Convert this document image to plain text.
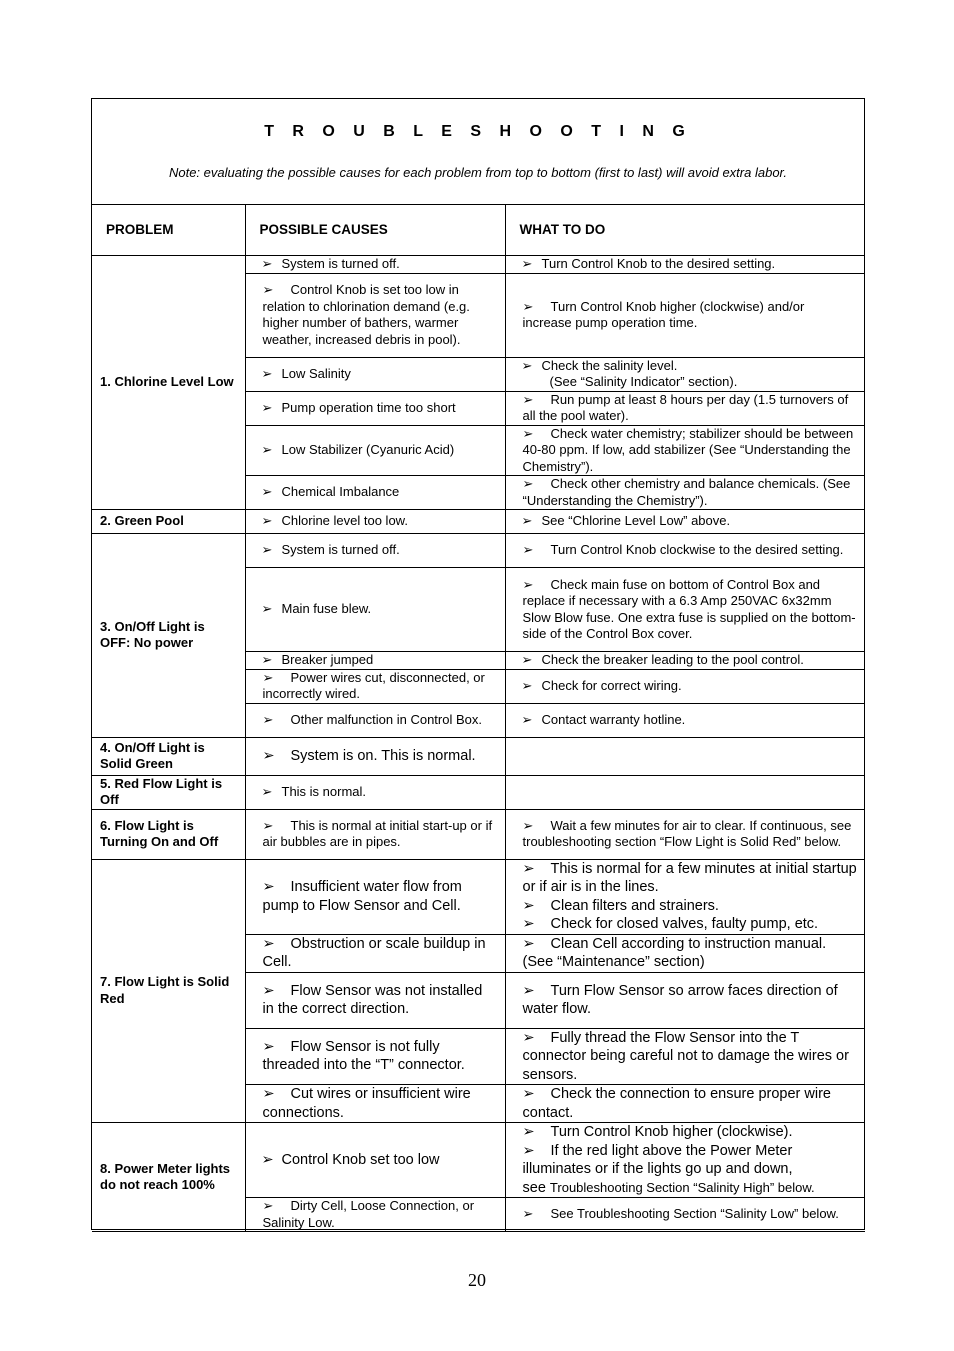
T R O U B L E S H O O T I N G
Note: evaluating the possible causes for each problem from top to bottom (first to last) will avoid extra labor.
PROBLEM	POSSIBLE CAUSES	WHAT TO DO
1. Chlorine Level Low	➢ System is turned off.	➢ Turn Control Knob to the desired setting.
	➢ Control Knob is set too low in relation to chlorination demand (e.g. higher number of bathers, warmer weather, increased debris in pool).	➢ Turn Control Knob higher (clockwise) and/or increase pump operation time.
	➢ Low Salinity	➢ Check the salinity level.
(See “Salinity Indicator” section).

	➢ Pump operation time too short	➢ Run pump at least 8 hours per day (1.5 turnovers of all the pool water).
	➢ Low Stabilizer (Cyanuric Acid)	➢ Check water chemistry; stabilizer should be between 40-80 ppm. If low, add stabilizer (See “Understanding the Chemistry”).
	➢ Chemical Imbalance	➢ Check other chemistry and balance chemicals. (See “Understanding the Chemistry”).
2. Green Pool	➢ Chlorine level too low.	➢ See “Chlorine Level Low” above.
3. On/Off Light is OFF: No power	➢ System is turned off.	➢ Turn Control Knob clockwise to the desired setting.
	➢ Main fuse blew.	➢ Check main fuse on bottom of Control Box and replace if necessary with a 6.3 Amp 250VAC 6x32mm Slow Blow fuse. One extra fuse is supplied on the bottom-side of the Control Box cover.
	➢ Breaker jumped	➢ Check the breaker leading to the pool control.
	➢ Power wires cut, disconnected, or incorrectly wired.	➢ Check for correct wiring.
	➢ Other malfunction in Control Box.	➢ Contact warranty hotline.
4. On/Off Light is Solid Green	➢ System is on. This is normal.	
5. Red Flow Light is Off	➢ This is normal.	
6. Flow Light is Turning On and Off	➢ This is normal at initial start-up or if air bubbles are in pipes.	➢ Wait a few minutes for air to clear. If continuous, see troubleshooting section “Flow Light is Solid Red” below.
7. Flow Light is Solid Red	➢ Insufficient water flow from pump to Flow Sensor and Cell.	➢ This is normal for a few minutes at initial startup or if air is in the lines.
➢ Clean filters and strainers.
➢ Check for closed valves, faulty pump, etc.

	➢ Obstruction or scale buildup in Cell.	➢ Clean Cell according to instruction manual. (See “Maintenance” section)
	➢ Flow Sensor was not installed in the correct direction.	➢ Turn Flow Sensor so arrow faces direction of water flow.
	➢ Flow Sensor is not fully threaded into the “T” connector.	➢ Fully thread the Flow Sensor into the T connector being careful not to damage the wires or sensors.
	➢ Cut wires or insufficient wire connections.	➢ Check the connection to ensure proper wire contact.
8. Power Meter lights do not reach 100%	➢ Control Knob set too low	➢ Turn Control Knob higher (clockwise).
➢ If the red light above the Power Meter illuminates or if the lights go up and down,
see Troubleshooting Section “Salinity High” below.

	➢ Dirty Cell, Loose Connection, or Salinity Low.	➢ See Troubleshooting Section “Salinity Low” below.
20
